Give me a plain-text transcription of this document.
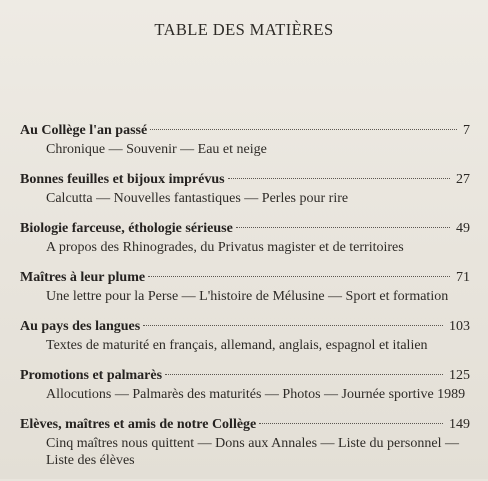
TABLE DES MATIÈRES
Au Collège l'an passé	7

Chronique — Souvenir — Eau et neige

Bonnes feuilles et bijoux imprévus	27

Calcutta — Nouvelles fantastiques — Perles pour rire

Biologie farceuse, éthologie sérieuse	49

A propos des Rhinogrades, du Privatus magister et de territoires

Maîtres à leur plume	71

Une lettre pour la Perse — L'histoire de Mélusine — Sport et formation

Au pays des langues	103

Textes de maturité en français, allemand, anglais, espagnol et italien

Promotions et palmarès	125

Allocutions — Palmarès des maturités — Photos — Journée sportive 1989

Elèves, maîtres et amis de notre Collège	149

Cinq maîtres nous quittent — Dons aux Annales — Liste du personnel — Liste des élèves
